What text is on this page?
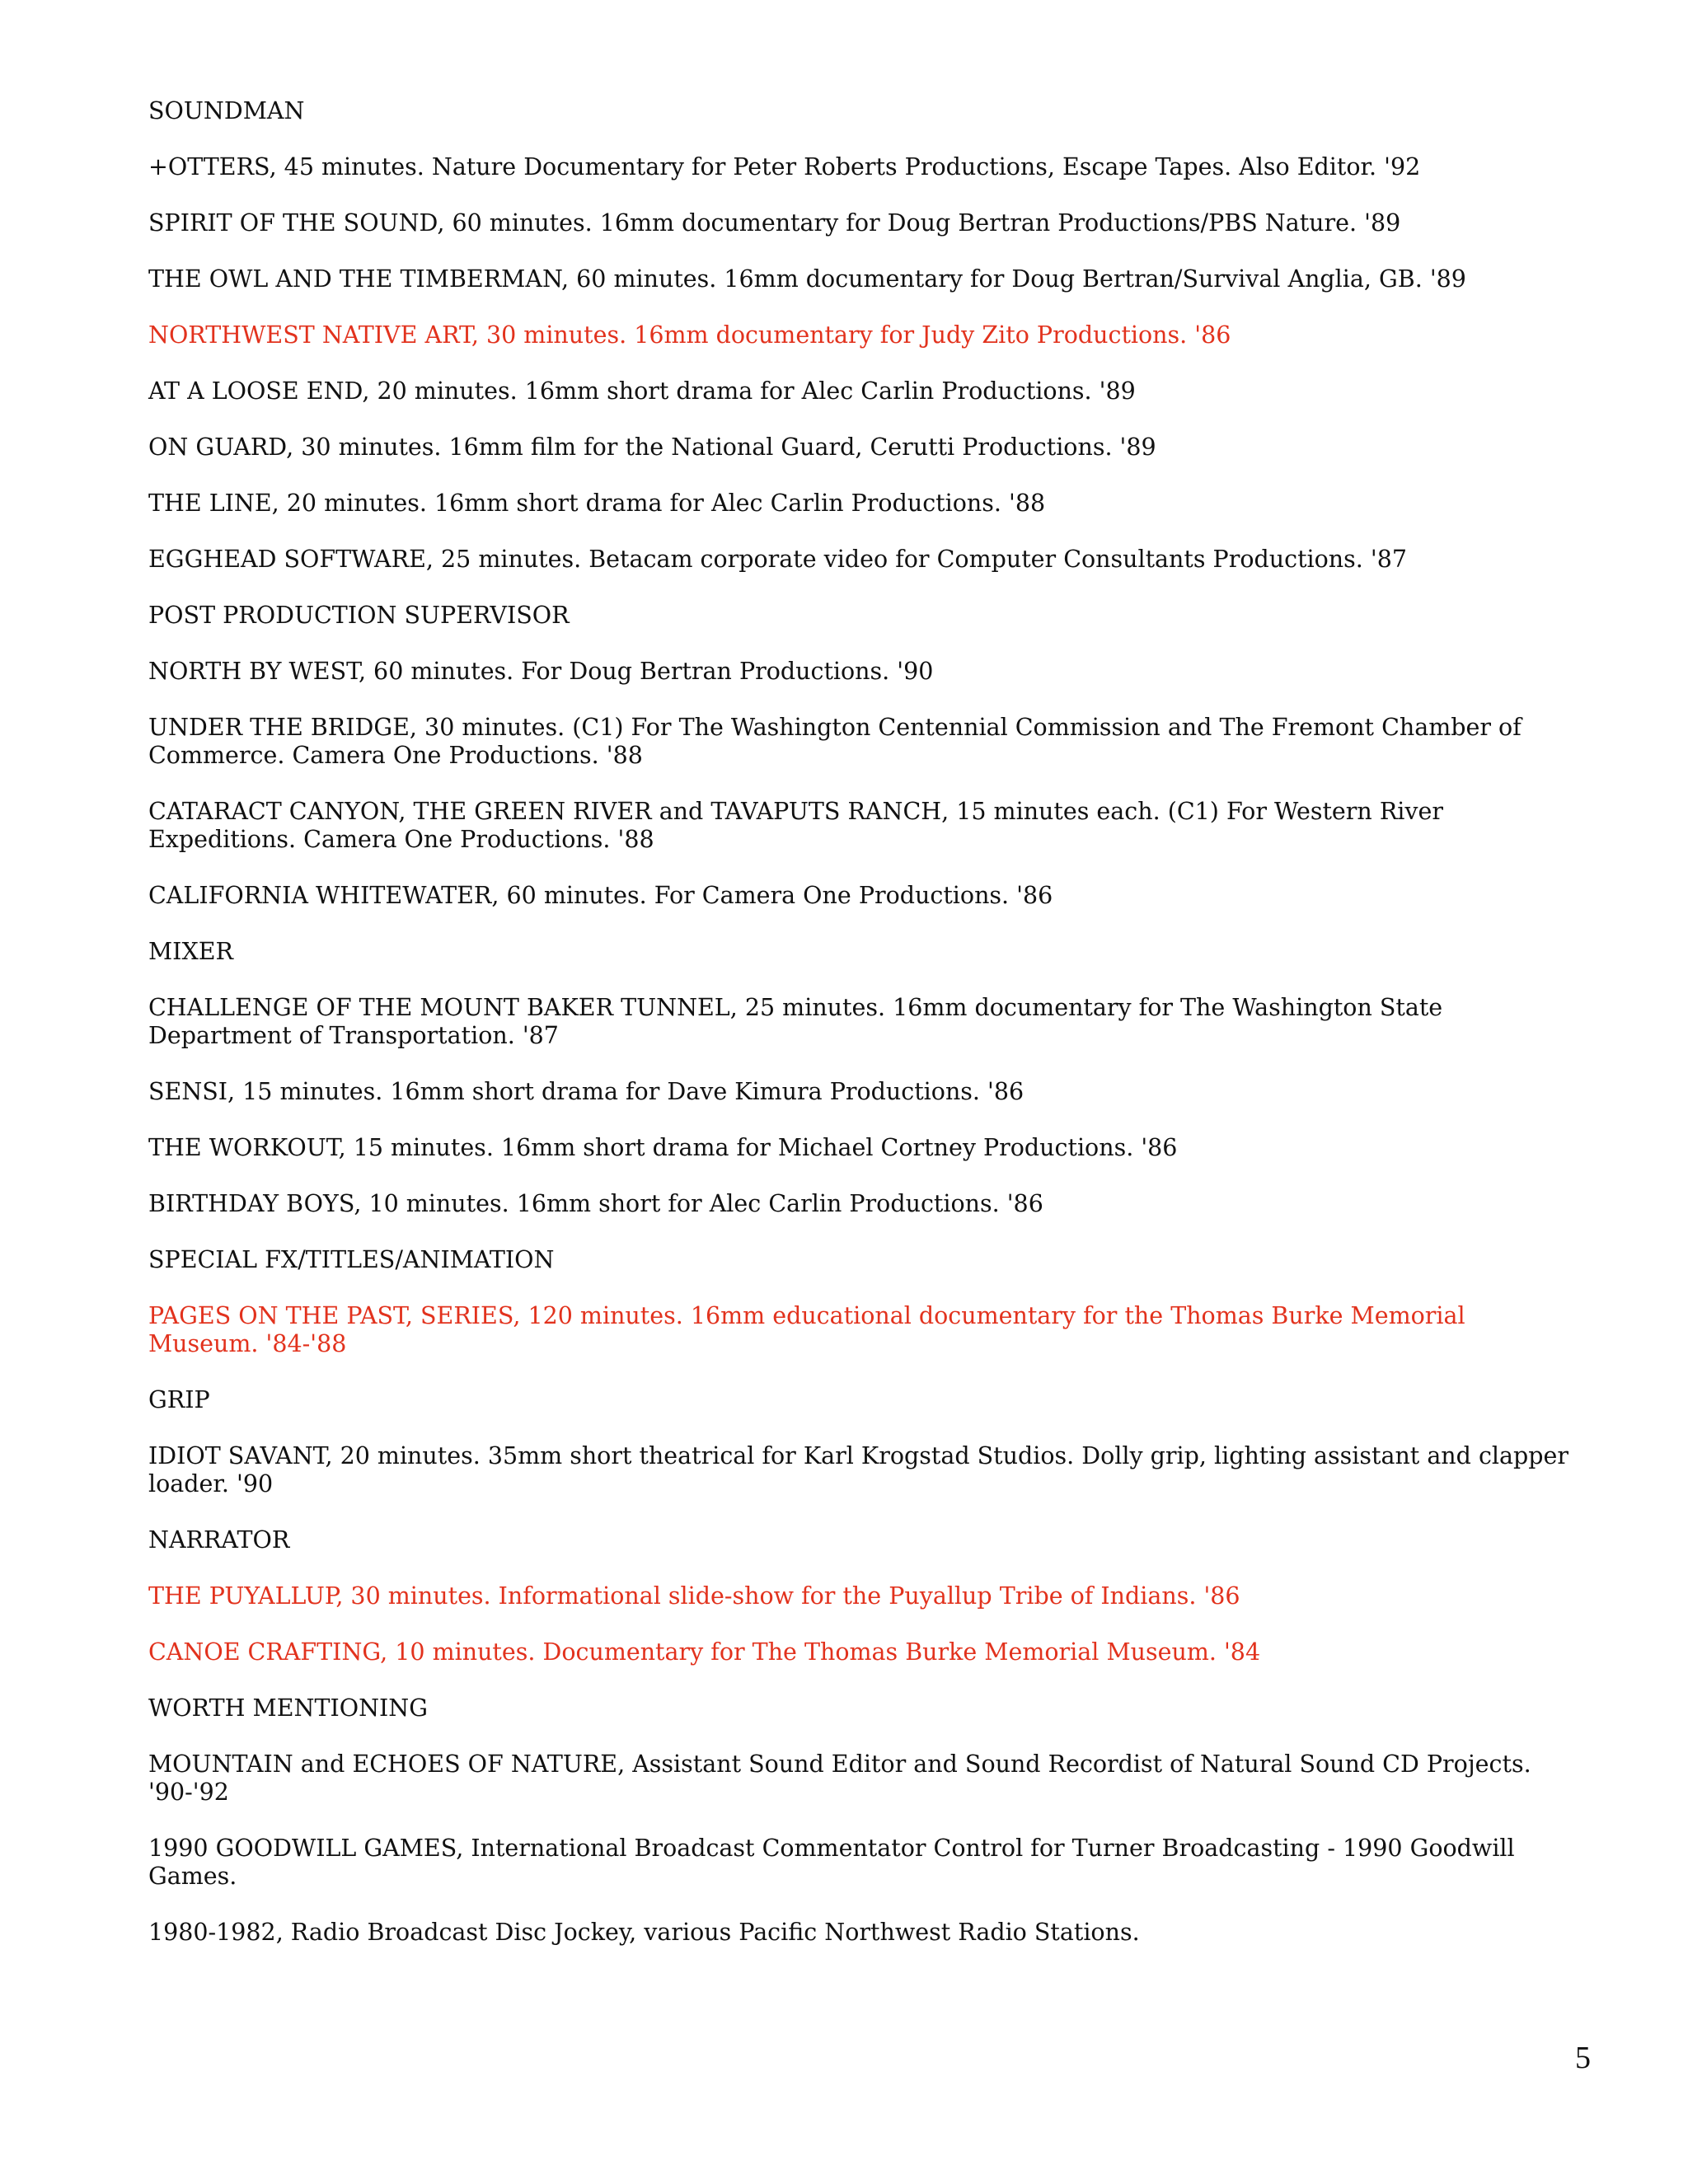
SOUNDMAN

+OTTERS, 45 minutes. Nature Documentary for Peter Roberts Productions, Escape Tapes. Also Editor. '92

SPIRIT OF THE SOUND, 60 minutes. 16mm documentary for Doug Bertran Productions/PBS Nature. '89

THE OWL AND THE TIMBERMAN, 60 minutes. 16mm documentary for Doug Bertran/Survival Anglia, GB. '89

NORTHWEST NATIVE ART, 30 minutes. 16mm documentary for Judy Zito Productions. '86

AT A LOOSE END, 20 minutes. 16mm short drama for Alec Carlin Productions. '89

ON GUARD, 30 minutes. 16mm film for the National Guard, Cerutti Productions. '89

THE LINE, 20 minutes. 16mm short drama for Alec Carlin Productions. '88

EGGHEAD SOFTWARE, 25 minutes. Betacam corporate video for Computer Consultants Productions. '87

POST PRODUCTION SUPERVISOR

NORTH BY WEST, 60 minutes. For Doug Bertran Productions. '90

UNDER THE BRIDGE, 30 minutes. (C1) For The Washington Centennial Commission and The Fremont Chamber of Commerce. Camera One Productions. '88

CATARACT CANYON, THE GREEN RIVER and TAVAPUTS RANCH, 15 minutes each. (C1) For Western River Expeditions. Camera One Productions. '88

CALIFORNIA WHITEWATER, 60 minutes. For Camera One Productions. '86

MIXER

CHALLENGE OF THE MOUNT BAKER TUNNEL, 25 minutes. 16mm documentary for The Washington State Department of Transportation. '87

SENSI, 15 minutes. 16mm short drama for Dave Kimura Productions. '86

THE WORKOUT, 15 minutes. 16mm short drama for Michael Cortney Productions. '86

BIRTHDAY BOYS, 10 minutes. 16mm short for Alec Carlin Productions. '86

SPECIAL FX/TITLES/ANIMATION

PAGES ON THE PAST, SERIES, 120 minutes. 16mm educational documentary for the Thomas Burke Memorial Museum. '84-'88

GRIP

IDIOT SAVANT, 20 minutes. 35mm short theatrical for Karl Krogstad Studios. Dolly grip, lighting assistant and clapper loader. '90

NARRATOR

THE PUYALLUP, 30 minutes. Informational slide-show for the Puyallup Tribe of Indians. '86

CANOE CRAFTING, 10 minutes. Documentary for The Thomas Burke Memorial Museum. '84

WORTH MENTIONING

MOUNTAIN and ECHOES OF NATURE, Assistant Sound Editor and Sound Recordist of Natural Sound CD Projects. '90-'92

1990 GOODWILL GAMES, International Broadcast Commentator Control for Turner Broadcasting - 1990 Goodwill Games.

1980-1982, Radio Broadcast Disc Jockey, various Pacific Northwest Radio Stations.

5
